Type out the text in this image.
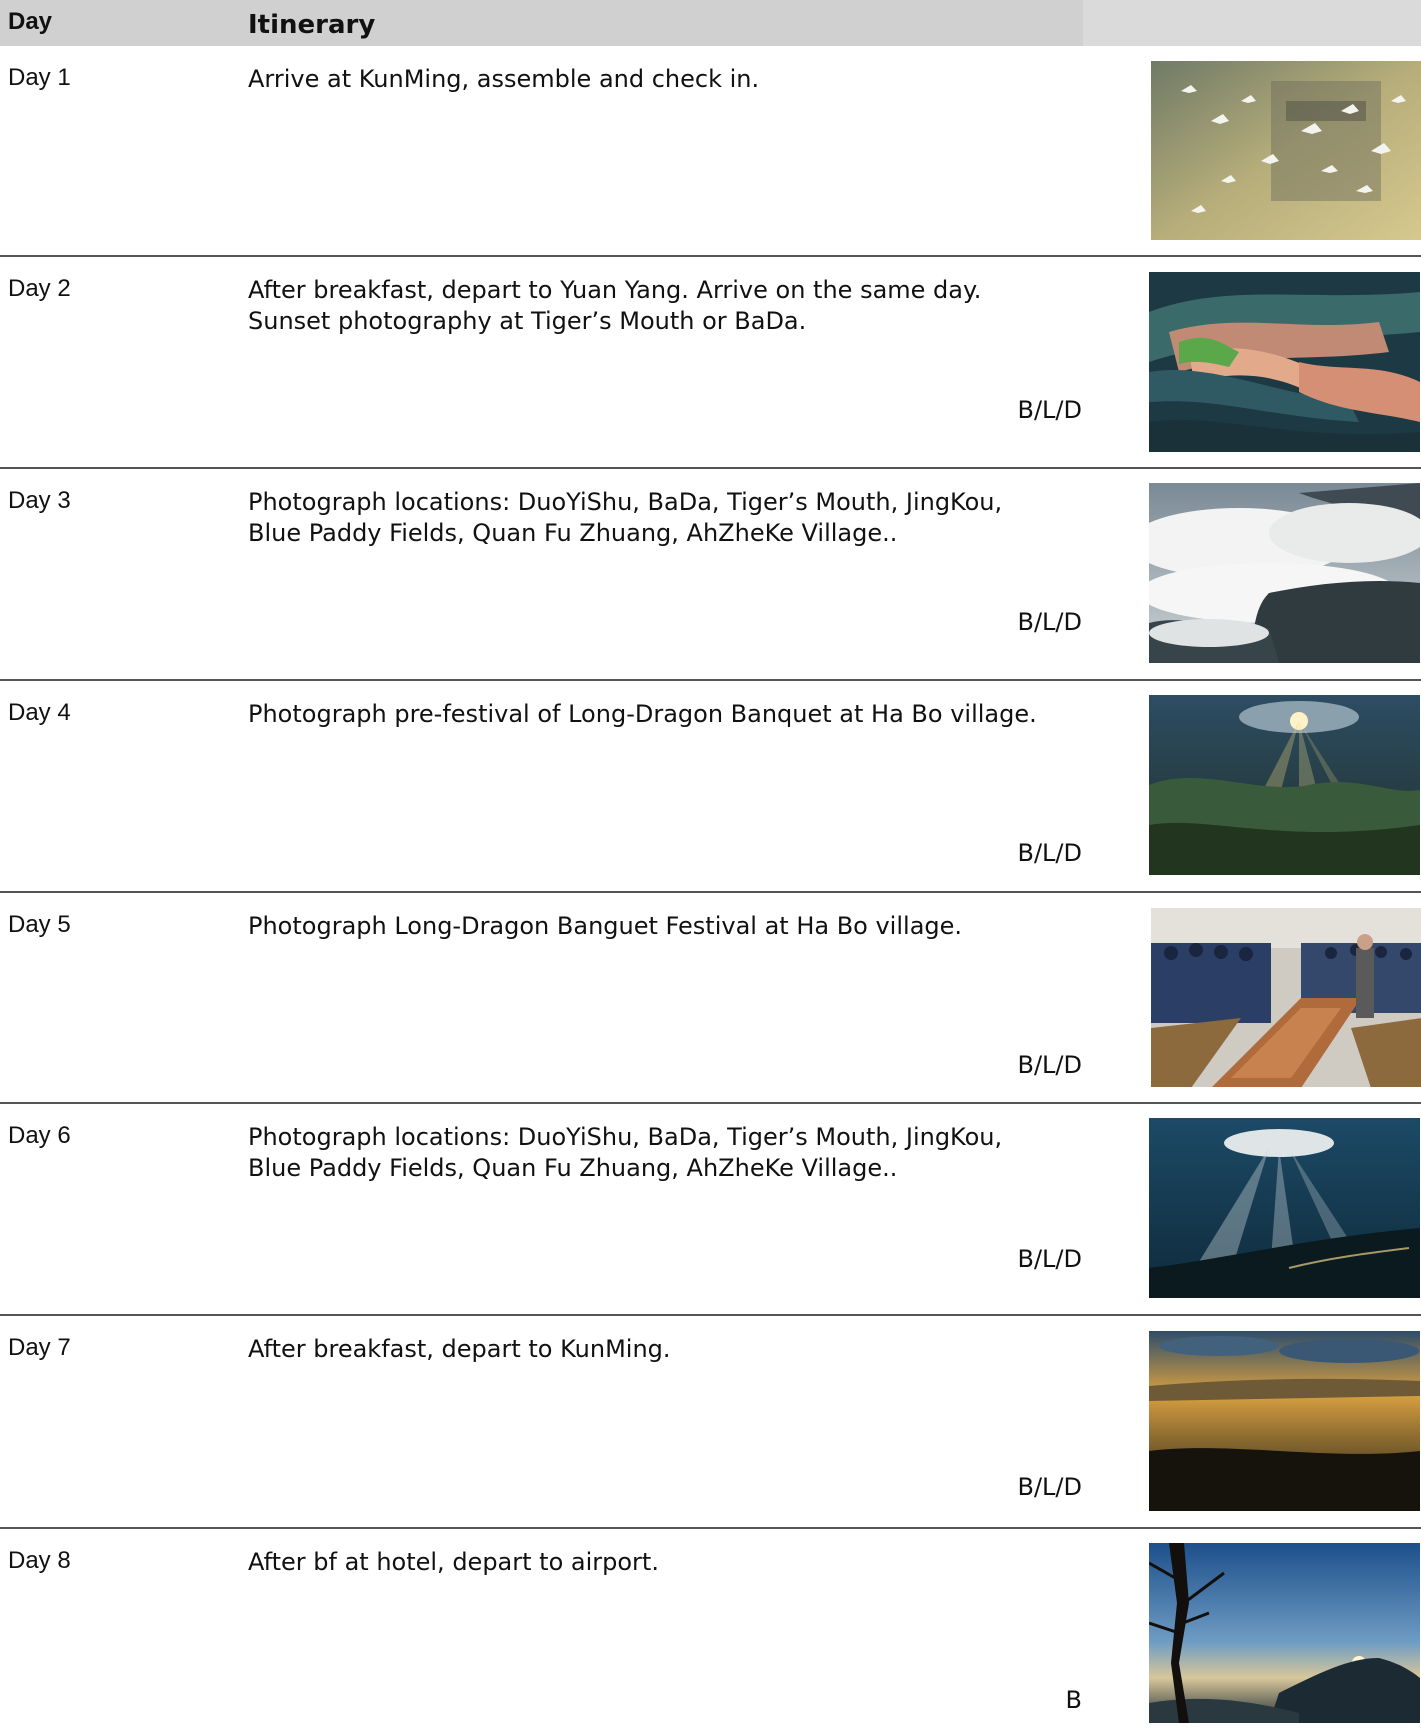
Day	Itinerary
Day 1	Arrive at KunMing, assemble and check in.
Day 2	After breakfast, depart to Yuan Yang. Arrive on the same day.
Sunset photography at Tiger’s Mouth or BaDa.
B/L/D
Day 3	Photograph locations: DuoYiShu, BaDa, Tiger’s Mouth, JingKou,
Blue Paddy Fields, Quan Fu Zhuang, AhZheKe Village..
B/L/D
Day 4	Photograph pre-festival of Long-Dragon Banquet at Ha Bo village.
B/L/D
Day 5	Photograph Long-Dragon Banguet Festival at Ha Bo village.
B/L/D
Day 6	Photograph locations: DuoYiShu, BaDa, Tiger’s Mouth, JingKou,
Blue Paddy Fields, Quan Fu Zhuang, AhZheKe Village..
B/L/D
Day 7	After breakfast, depart to KunMing.
B/L/D
Day 8	After bf at hotel, depart to airport.
B
